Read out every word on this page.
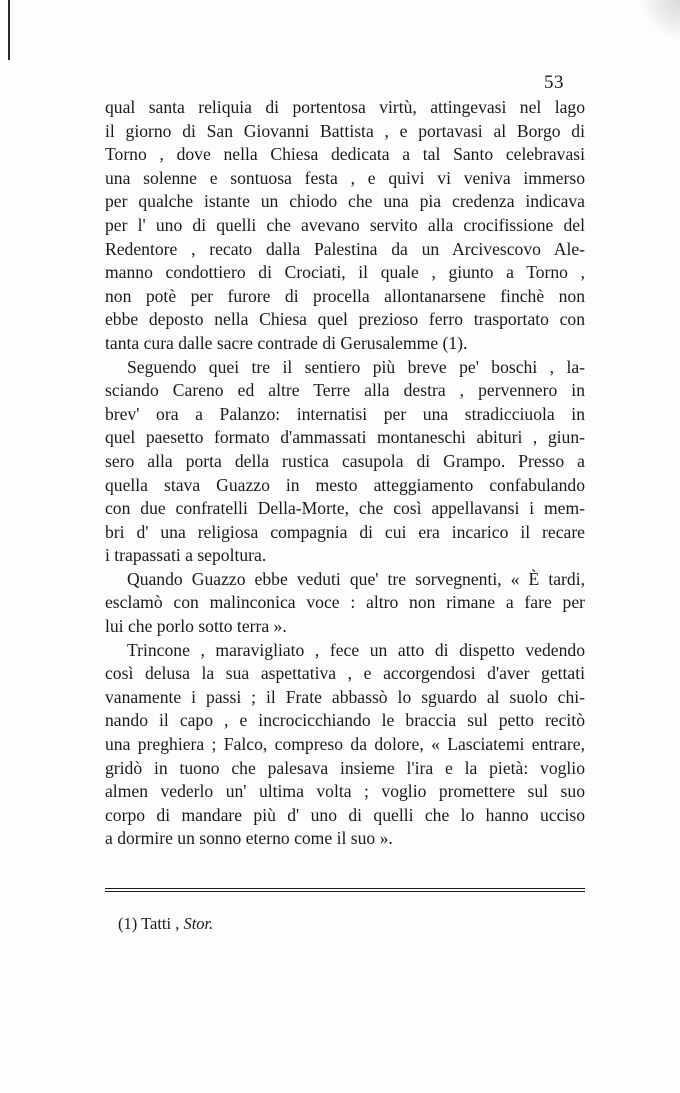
53
qual santa reliquia di portentosa virtù, attingevasi nel lago
il giorno di San Giovanni Battista , e portavasi al Borgo di
Torno , dove nella Chiesa dedicata a tal Santo celebravasi
una solenne e sontuosa festa , e quivi vi veniva immerso
per qualche istante un chiodo che una pia credenza indicava
per l' uno di quelli che avevano servito alla crocifissione del
Redentore , recato dalla Palestina da un Arcivescovo Ale-
manno condottiero di Crociati, il quale , giunto a Torno ,
non potè per furore di procella allontanarsene finchè non
ebbe deposto nella Chiesa quel prezioso ferro trasportato con
tanta cura dalle sacre contrade di Gerusalemme (1).
Seguendo quei tre il sentiero più breve pe' boschi , la-
sciando Careno ed altre Terre alla destra , pervennero in
brev' ora a Palanzo: internatisi per una stradicciuola in
quel paesetto formato d'ammassati montaneschi abituri , giun-
sero alla porta della rustica casupola di Grampo. Presso a
quella stava Guazzo in mesto atteggiamento confabulando
con due confratelli Della-Morte, che così appellavansi i mem-
bri d' una religiosa compagnia di cui era incarico il recare
i trapassati a sepoltura.
Quando Guazzo ebbe veduti que' tre sorvegnenti, « È tardi,
esclamò con malinconica voce : altro non rimane a fare per
lui che porlo sotto terra ».
Trincone , maravigliato , fece un atto di dispetto vedendo
così delusa la sua aspettativa , e accorgendosi d'aver gettati
vanamente i passi ; il Frate abbassò lo sguardo al suolo chi-
nando il capo , e incrocicchiando le braccia sul petto recitò
una preghiera ; Falco, compreso da dolore, « Lasciatemi entrare,
gridò in tuono che palesava insieme l'ira e la pietà: voglio
almen vederlo un' ultima volta ; voglio promettere sul suo
corpo di mandare più d' uno di quelli che lo hanno ucciso
a dormire un sonno eterno come il suo ».
(1) Tatti , Stor.
